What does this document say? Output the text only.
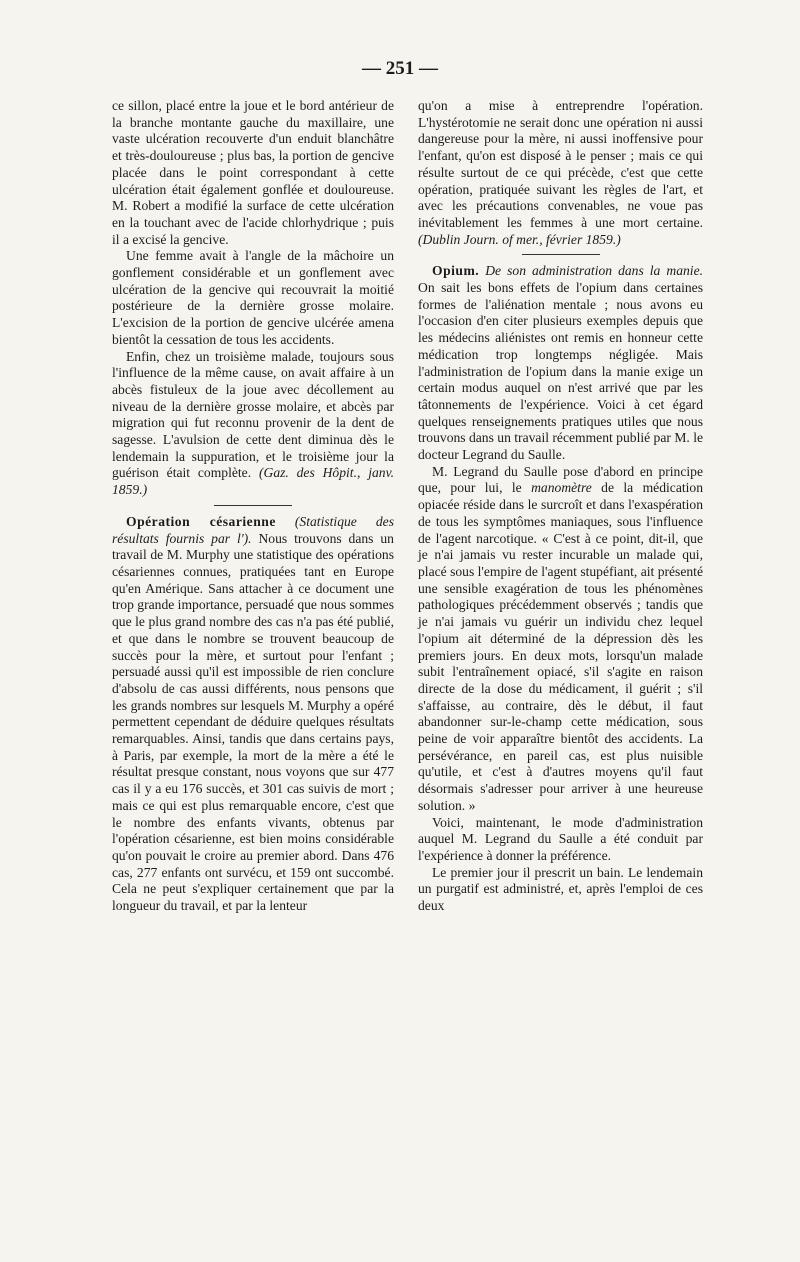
— 251 —

ce sillon, placé entre la joue et le bord antérieur de la branche montante gauche du maxillaire, une vaste ulcération recouverte d'un enduit blanchâtre et très-douloureuse ; plus bas, la portion de gencive placée dans le point correspondant à cette ulcération était également gonflée et douloureuse. M. Robert a modifié la surface de cette ulcération en la touchant avec de l'acide chlorhydrique ; puis il a excisé la gencive.

Une femme avait à l'angle de la mâchoire un gonflement considérable et un gonflement avec ulcération de la gencive qui recouvrait la moitié postérieure de la dernière grosse molaire. L'excision de la portion de gencive ulcérée amena bientôt la cessation de tous les accidents.

Enfin, chez un troisième malade, toujours sous l'influence de la même cause, on avait affaire à un abcès fistuleux de la joue avec décollement au niveau de la dernière grosse molaire, et abcès par migration qui fut reconnu provenir de la dent de sagesse. L'avulsion de cette dent diminua dès le lendemain la suppuration, et le troisième jour la guérison était complète. (Gaz. des Hôpit., janv. 1859.)

Opération césarienne (Statistique des résultats fournis par l'). Nous trouvons dans un travail de M. Murphy une statistique des opérations césariennes connues, pratiquées tant en Europe qu'en Amérique. Sans attacher à ce document une trop grande importance, persuadé que nous sommes que le plus grand nombre des cas n'a pas été publié, et que dans le nombre se trouvent beaucoup de succès pour la mère, et surtout pour l'enfant ; persuadé aussi qu'il est impossible de rien conclure d'absolu de cas aussi différents, nous pensons que les grands nombres sur lesquels M. Murphy a opéré permettent cependant de déduire quelques résultats remarquables. Ainsi, tandis que dans certains pays, à Paris, par exemple, la mort de la mère a été le résultat presque constant, nous voyons que sur 477 cas il y a eu 176 succès, et 301 cas suivis de mort ; mais ce qui est plus remarquable encore, c'est que le nombre des enfants vivants, obtenus par l'opération césarienne, est bien moins considérable qu'on pouvait le croire au premier abord. Dans 476 cas, 277 enfants ont survécu, et 159 ont succombé. Cela ne peut s'expliquer certainement que par la longueur du travail, et par la lenteur

qu'on a mise à entreprendre l'opération. L'hystérotomie ne serait donc une opération ni aussi dangereuse pour la mère, ni aussi inoffensive pour l'enfant, qu'on est disposé à le penser ; mais ce qui résulte surtout de ce qui précède, c'est que cette opération, pratiquée suivant les règles de l'art, et avec les précautions convenables, ne voue pas inévitablement les femmes à une mort certaine. (Dublin Journ. of mer., février 1859.)

Opium. De son administration dans la manie. On sait les bons effets de l'opium dans certaines formes de l'aliénation mentale ; nous avons eu l'occasion d'en citer plusieurs exemples depuis que les médecins aliénistes ont remis en honneur cette médication trop longtemps négligée. Mais l'administration de l'opium dans la manie exige un certain modus auquel on n'est arrivé que par les tâtonnements de l'expérience. Voici à cet égard quelques renseignements pratiques utiles que nous trouvons dans un travail récemment publié par M. le docteur Legrand du Saulle.

M. Legrand du Saulle pose d'abord en principe que, pour lui, le manomètre de la médication opiacée réside dans le surcroît et dans l'exaspération de tous les symptômes maniaques, sous l'influence de l'agent narcotique. « C'est à ce point, dit-il, que je n'ai jamais vu rester incurable un malade qui, placé sous l'empire de l'agent stupéfiant, ait présenté une sensible exagération de tous les phénomènes pathologiques précédemment observés ; tandis que je n'ai jamais vu guérir un individu chez lequel l'opium ait déterminé de la dépression dès les premiers jours. En deux mots, lorsqu'un malade subit l'entraînement opiacé, s'il s'agite en raison directe de la dose du médicament, il guérit ; s'il s'affaisse, au contraire, dès le début, il faut abandonner sur-le-champ cette médication, sous peine de voir apparaître bientôt des accidents. La persévérance, en pareil cas, est plus nuisible qu'utile, et c'est à d'autres moyens qu'il faut désormais s'adresser pour arriver à une heureuse solution. »

Voici, maintenant, le mode d'administration auquel M. Legrand du Saulle a été conduit par l'expérience à donner la préférence.

Le premier jour il prescrit un bain. Le lendemain un purgatif est administré, et, après l'emploi de ces deux
